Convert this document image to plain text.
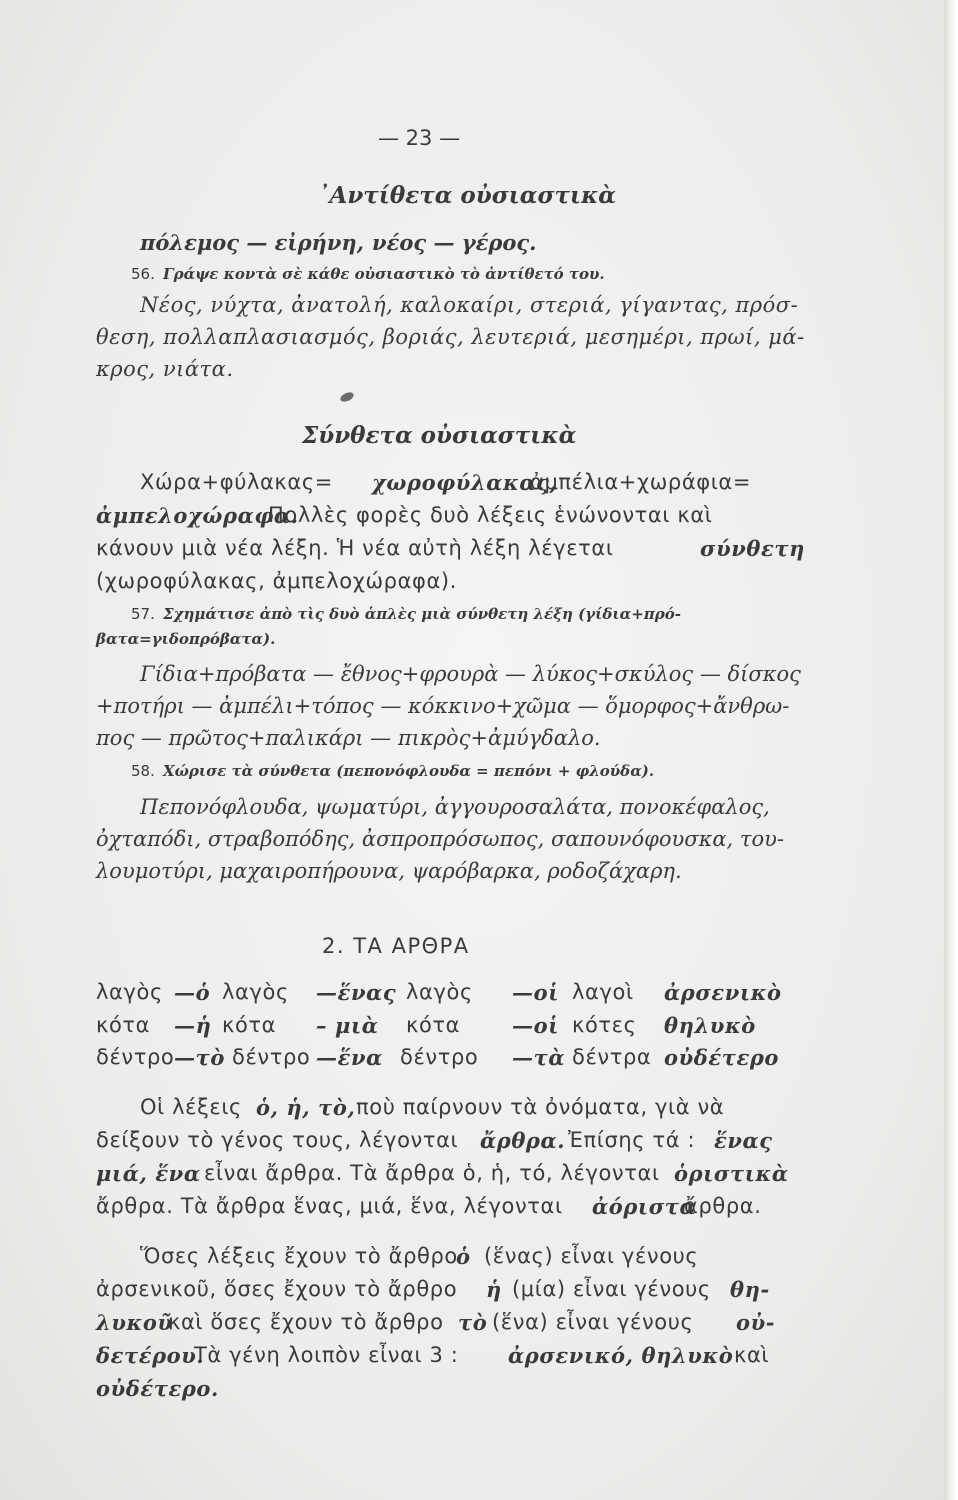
— 23 —
᾿Αντίθετα οὐσιαστικὰ
πόλεμος — εἰρήνη, νέος — γέρος.
56. Γράψε κοντὰ σὲ κάθε οὐσιαστικὸ τὸ ἀντίθετό του.
Νέος, νύχτα, ἀνατολή, καλοκαίρι, στεριά, γίγαντας, πρόσ-
θεση, πολλαπλασιασμός, βοριάς, λευτεριά, μεσημέρι, πρωί, μά-
κρος, νιάτα.
Σύνθετα οὐσιαστικὰ
Χώρα+φύλακας= χωροφύλακας,
ἀμπέλια+χωράφια=
ἀμπελοχώραφα.
Πολλὲς φορὲς δυὸ λέξεις ἑνώνονται καὶ
κάνουν μιὰ νέα λέξη. Ἡ νέα αὐτὴ λέξη λέγεται	σύνθετη
(χωροφύλακας, ἀμπελοχώραφα).
57. Σχημάτισε ἀπὸ τὶς δυὸ ἁπλὲς μιὰ σύνθετη λέξη (γίδια+πρό-
βατα=γιδοπρόβατα).
Γίδια+πρόβατα — ἔθνος+φρουρὰ — λύκος+σκύλος — δίσκος
+ποτήρι — ἀμπέλι+τόπος — κόκκινο+χῶμα — ὅμορφος+ἄνθρω-
πος — πρῶτος+παλικάρι — πικρὸς+ἀμύγδαλο.
58. Χώρισε τὰ σύνθετα (πεπονόφλουδα = πεπόνι + φλούδα).
Πεπονόφλουδα, ψωματύρι, ἀγγουροσαλάτα, πονοκέφαλος,
ὀχταπόδι, στραβοπόδης, ἀσπροπρόσωπος, σαπουνόφουσκα, του-
λουμοτύρι, μαχαιροπήρουνα, ψαρόβαρκα, ροδοζάχαρη.
2. ΤΑ ΑΡΘΡΑ
λαγὸς —ὁ λαγὸς —ἕνας λαγὸς —οἱ λαγοὶ ἀρσενικὸ
κότα —ἡ κότα – μιὰ κότα —οἱ κότες θηλυκὸ
δέντρο —τὸ δέντρο —ἕνα δέντρο —τὰ δέντρα οὐδέτερο
Οἱ λέξεις ὁ, ἡ, τὸ, ποὺ παίρνουν τὰ ὀνόματα, γιὰ νὰ
δείξουν τὸ γένος τους, λέγονται ἄρθρα. Ἐπίσης τά : ἕνας
μιά, ἕνα εἶναι ἄρθρα. Τὰ ἄρθρα ὁ, ἡ, τό, λέγονται ὁριστικὰ
ἄρθρα. Τὰ ἄρθρα ἕνας, μιά, ἕνα, λέγονται ἀόριστα
ἄρθρα.
Ὅσες λέξεις ἔχουν τὸ ἄρθρο
ὁ (ἕνας) εἶναι γένους
ἀρσενικοῦ, ὅσες ἔχουν τὸ ἄρθρο ἡ (μία) εἶναι γένους θη-
λυκοῦ
καὶ ὅσες ἔχουν τὸ ἄρθρο τὸ (ἕνα) εἶναι γένους οὐ-
δετέρου.
Τὰ γένη λοιπὸν εἶναι 3 : ἀρσενικό, θηλυκὸ καὶ
οὐδέτερο.
